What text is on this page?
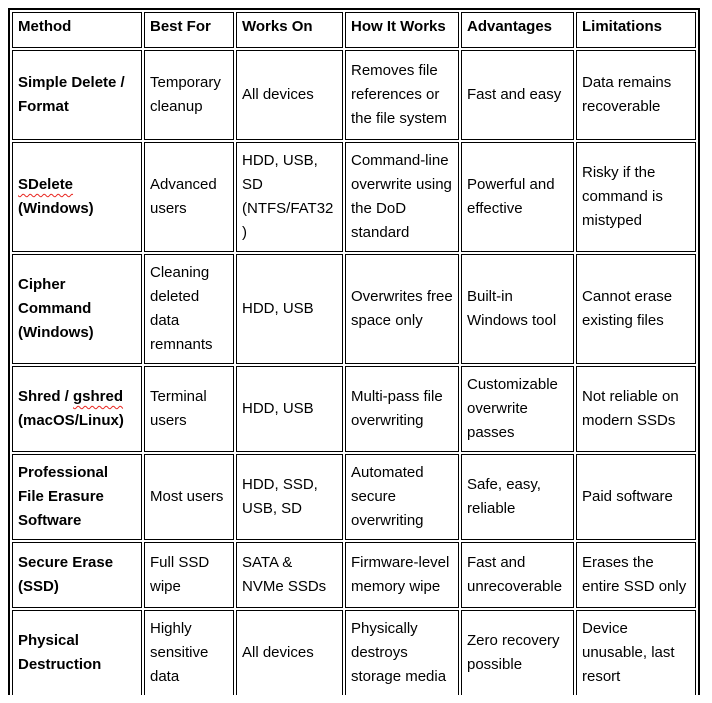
Method	Best For	Works On	How It Works	Advantages	Limitations
Simple Delete / Format	Temporary cleanup	All devices	Removes file references or the file system	Fast and easy	Data remains recoverable
SDelete (Windows)	Advanced users	HDD, USB, SD (NTFS/FAT32)	Command-line overwrite using the DoD standard	Powerful and effective	Risky if the command is mistyped
Cipher Command (Windows)	Cleaning deleted data remnants	HDD, USB	Overwrites free space only	Built-in Windows tool	Cannot erase existing files
Shred / gshred (macOS/Linux)	Terminal users	HDD, USB	Multi-pass file overwriting	Customizable overwrite passes	Not reliable on modern SSDs
Professional File Erasure Software	Most users	HDD, SSD, USB, SD	Automated secure overwriting	Safe, easy, reliable	Paid software
Secure Erase (SSD)	Full SSD wipe	SATA & NVMe SSDs	Firmware-level memory wipe	Fast and unrecoverable	Erases the entire SSD only
Physical Destruction	Highly sensitive data	All devices	Physically destroys storage media	Zero recovery possible	Device unusable, last resort
